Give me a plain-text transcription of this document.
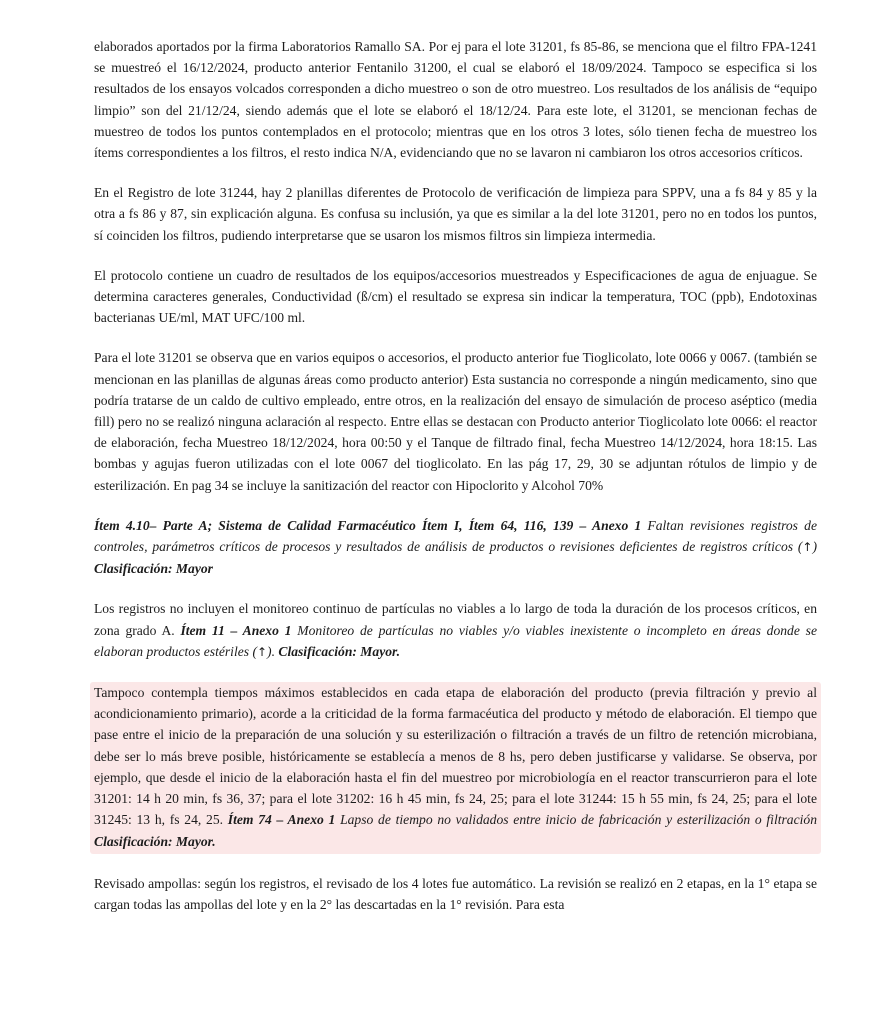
elaborados aportados por la firma Laboratorios Ramallo SA. Por ej para el lote 31201, fs 85-86, se menciona que el filtro FPA-1241 se muestreó el 16/12/2024, producto anterior Fentanilo 31200, el cual se elaboró el 18/09/2024. Tampoco se especifica si los resultados de los ensayos volcados corresponden a dicho muestreo o son de otro muestreo. Los resultados de los análisis de “equipo limpio” son del 21/12/24, siendo además que el lote se elaboró el 18/12/24. Para este lote, el 31201, se mencionan fechas de muestreo de todos los puntos contemplados en el protocolo; mientras que en los otros 3 lotes, sólo tienen fecha de muestreo los ítems correspondientes a los filtros, el resto indica N/A, evidenciando que no se lavaron ni cambiaron los otros accesorios críticos.

En el Registro de lote 31244, hay 2 planillas diferentes de Protocolo de verificación de limpieza para SPPV, una a fs 84 y 85 y la otra a fs 86 y 87, sin explicación alguna. Es confusa su inclusión, ya que es similar a la del lote 31201, pero no en todos los puntos, sí coinciden los filtros, pudiendo interpretarse que se usaron los mismos filtros sin limpieza intermedia.

El protocolo contiene un cuadro de resultados de los equipos/accesorios muestreados y Especificaciones de agua de enjuague. Se determina caracteres generales, Conductividad (ß/cm) el resultado se expresa sin indicar la temperatura, TOC (ppb), Endotoxinas bacterianas UE/ml, MAT UFC/100 ml.

Para el lote 31201 se observa que en varios equipos o accesorios, el producto anterior fue Tioglicolato, lote 0066 y 0067. (también se mencionan en las planillas de algunas áreas como producto anterior) Esta sustancia no corresponde a ningún medicamento, sino que podría tratarse de un caldo de cultivo empleado, entre otros, en la realización del ensayo de simulación de proceso aséptico (media fill) pero no se realizó ninguna aclaración al respecto. Entre ellas se destacan con Producto anterior Tioglicolato lote 0066: el reactor de elaboración, fecha Muestreo 18/12/2024, hora 00:50 y el Tanque de filtrado final, fecha Muestreo 14/12/2024, hora 18:15. Las bombas y agujas fueron utilizadas con el lote 0067 del tioglicolato. En las pág 17, 29, 30 se adjuntan rótulos de limpio y de esterilización. En pag 34 se incluye la sanitización del reactor con Hipoclorito y Alcohol 70%

Ítem 4.10– Parte A; Sistema de Calidad Farmacéutico Ítem I, Ítem 64, 116, 139 – Anexo 1 Faltan revisiones registros de controles, parámetros críticos de procesos y resultados de análisis de productos o revisiones deficientes de registros críticos (↑) Clasificación: Mayor

Los registros no incluyen el monitoreo continuo de partículas no viables a lo largo de toda la duración de los procesos críticos, en zona grado A. Ítem 11 – Anexo 1 Monitoreo de partículas no viables y/o viables inexistente o incompleto en áreas donde se elaboran productos estériles (↑). Clasificación: Mayor.

Tampoco contempla tiempos máximos establecidos en cada etapa de elaboración del producto (previa filtración y previo al acondicionamiento primario), acorde a la criticidad de la forma farmacéutica del producto y método de elaboración. El tiempo que pase entre el inicio de la preparación de una solución y su esterilización o filtración a través de un filtro de retención microbiana, debe ser lo más breve posible, históricamente se establecía a menos de 8 hs, pero deben justificarse y validarse. Se observa, por ejemplo, que desde el inicio de la elaboración hasta el fin del muestreo por microbiología en el reactor transcurrieron para el lote 31201: 14 h 20 min, fs 36, 37; para el lote 31202: 16 h 45 min, fs 24, 25; para el lote 31244: 15 h 55 min, fs 24, 25; para el lote 31245: 13 h, fs 24, 25. Ítem 74 – Anexo 1 Lapso de tiempo no validados entre inicio de fabricación y esterilización o filtración Clasificación: Mayor.

Revisado ampollas: según los registros, el revisado de los 4 lotes fue automático. La revisión se realizó en 2 etapas, en la 1° etapa se cargan todas las ampollas del lote y en la 2° las descartadas en la 1° revisión. Para esta
